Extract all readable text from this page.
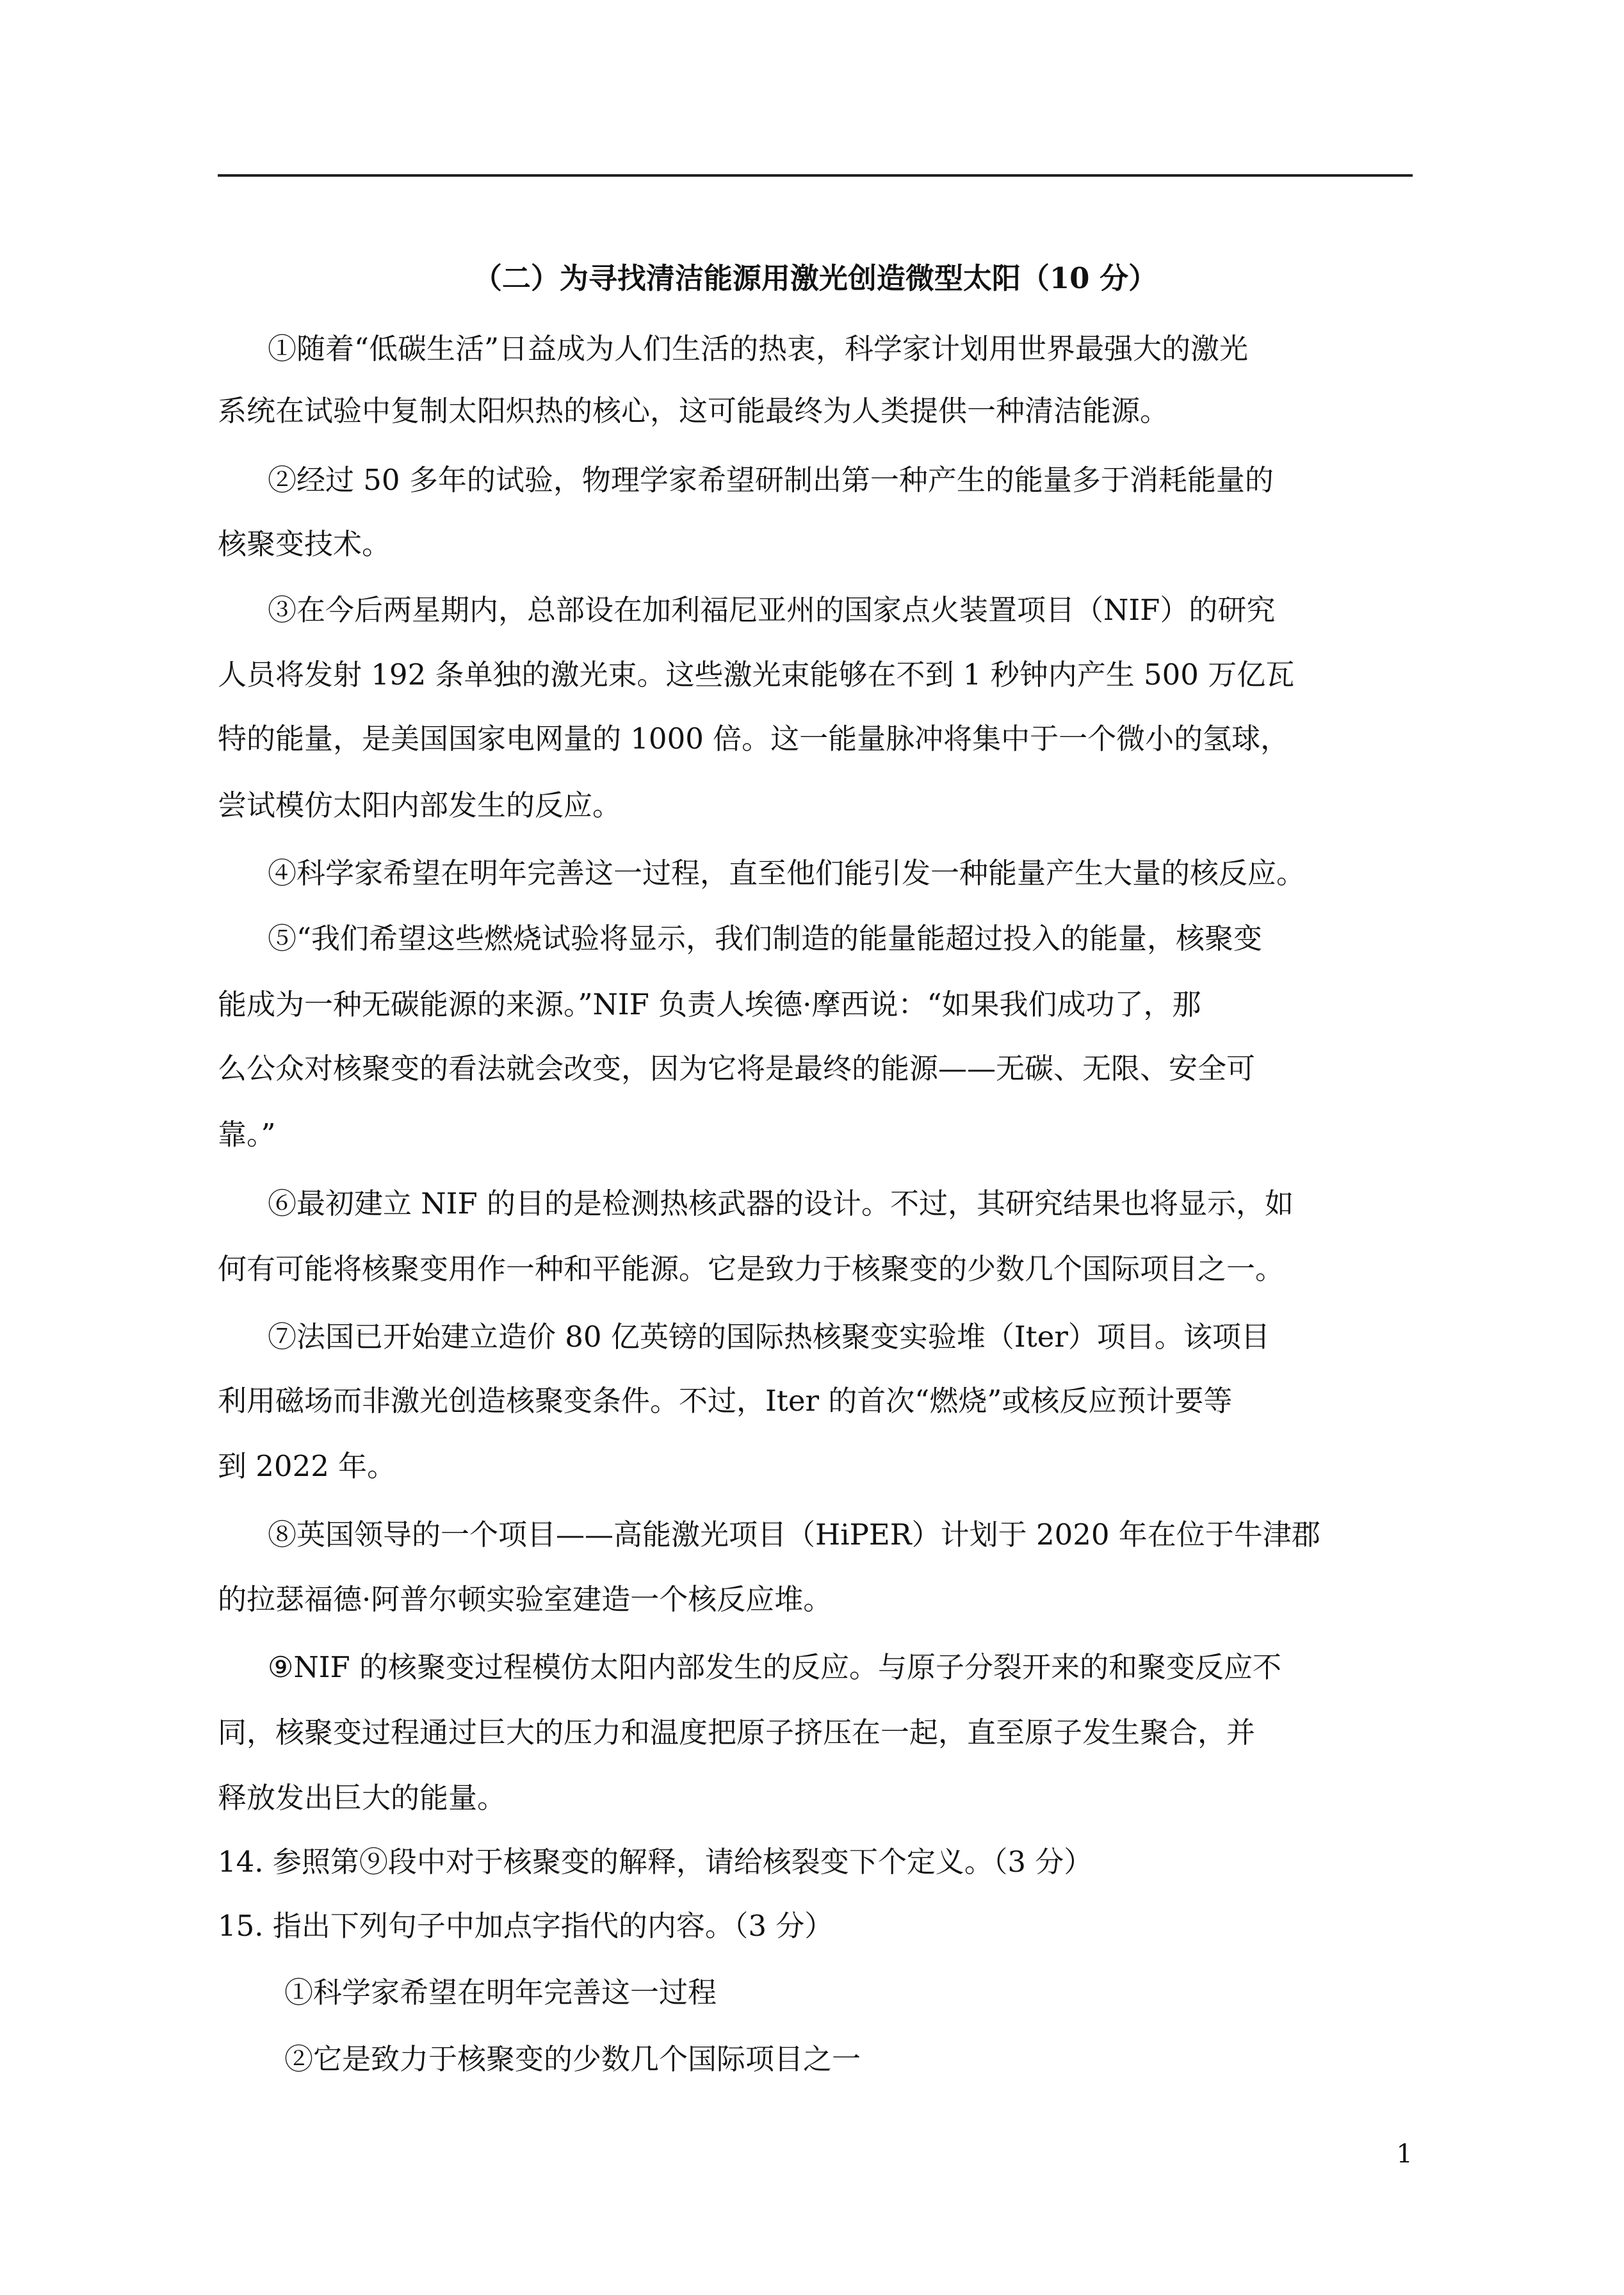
（二）为寻找清洁能源用激光创造微型太阳（10 分）
①随着“低碳生活”日益成为人们生活的热衷，科学家计划用世界最强大的激光
系统在试验中复制太阳炽热的核心，这可能最终为人类提供一种清洁能源。
②经过 50 多年的试验，物理学家希望研制出第一种产生的能量多于消耗能量的
核聚变技术。
③在今后两星期内，总部设在加利福尼亚州的国家点火装置项目（NIF）的研究
人员将发射 192 条单独的激光束。这些激光束能够在不到 1 秒钟内产生 500 万亿瓦
特的能量，是美国国家电网量的 1000 倍。这一能量脉冲将集中于一个微小的氢球，
尝试模仿太阳内部发生的反应。
④科学家希望在明年完善这一过程，直至他们能引发一种能量产生大量的核反应。
⑤“我们希望这些燃烧试验将显示，我们制造的能量能超过投入的能量，核聚变
能成为一种无碳能源的来源。”NIF 负责人埃德·摩西说：“如果我们成功了，那
么公众对核聚变的看法就会改变，因为它将是最终的能源——无碳、无限、安全可
靠。”
⑥最初建立 NIF 的目的是检测热核武器的设计。不过，其研究结果也将显示，如
何有可能将核聚变用作一种和平能源。它是致力于核聚变的少数几个国际项目之一。
⑦法国已开始建立造价 80 亿英镑的国际热核聚变实验堆（Iter）项目。该项目
利用磁场而非激光创造核聚变条件。不过，Iter 的首次“燃烧”或核反应预计要等
到 2022 年。
⑧英国领导的一个项目——高能激光项目（HiPER）计划于 2020 年在位于牛津郡
的拉瑟福德·阿普尔顿实验室建造一个核反应堆。
⑨NIF 的核聚变过程模仿太阳内部发生的反应。与原子分裂开来的和聚变反应不
同，核聚变过程通过巨大的压力和温度把原子挤压在一起，直至原子发生聚合，并
释放发出巨大的能量。
14. 参照第⑨段中对于核聚变的解释，请给核裂变下个定义。（3 分）
15. 指出下列句子中加点字指代的内容。（3 分）
①科学家希望在明年完善这一过程
②它是致力于核聚变的少数几个国际项目之一
1
